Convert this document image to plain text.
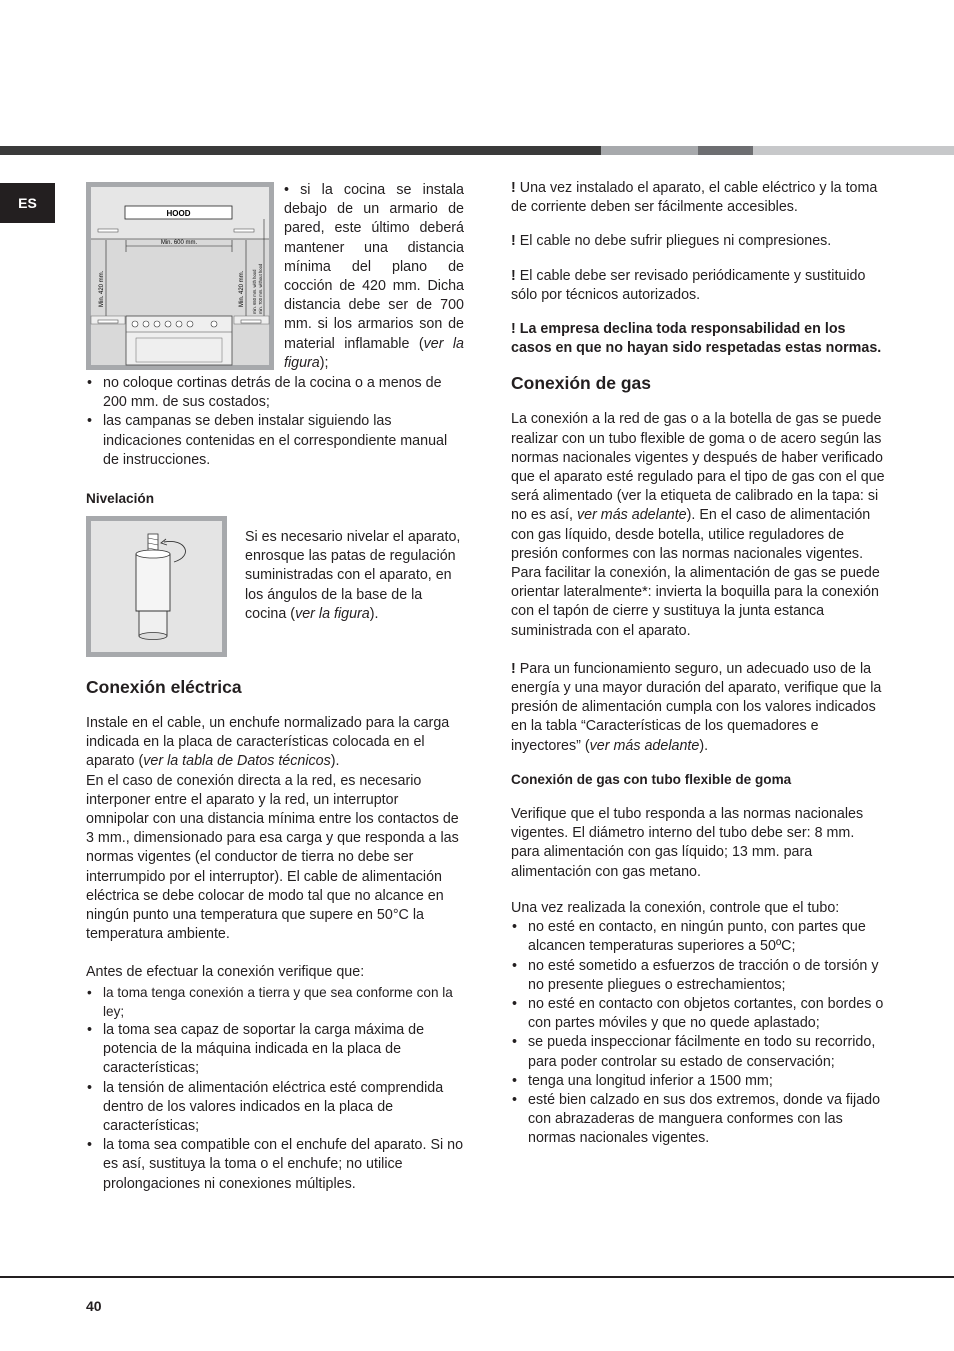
ES
HOOD
Min. 600 mm.
Min. 420 mm.	Min. 420 mm. min. 650 mm. with hood min. 700 mm. without hood
• si la cocina se instala debajo de un armario de pared, este último deberá mantener una distancia mínima del plano de cocción de 420 mm. Dicha distancia debe ser de 700 mm. si los armarios son de material inflamable (ver la figura);

• no coloque cortinas detrás de la cocina o a menos de 200 mm. de sus costados;

• las campanas se deben instalar siguiendo las indicaciones contenidas en el correspondiente manual de instrucciones.

Nivelación
Si es necesario nivelar el aparato, enrosque las patas de regulación suministradas con el aparato, en los ángulos de la base de la cocina (ver la figura).
Conexión eléctrica

Instale en el cable, un enchufe normalizado para la carga indicada en la placa de características colocada en el aparato (ver la tabla de Datos técnicos).

En el caso de conexión directa a la red, es necesario interponer entre el aparato y la red, un interruptor omnipolar con una distancia mínima entre los contactos de 3 mm., dimensionado para esa carga y que responda a las normas vigentes (el conductor de tierra no debe ser interrumpido por el interruptor). El cable de alimentación eléctrica se debe colocar de modo tal que no alcance en ningún punto una temperatura que supere en 50°C la temperatura ambiente.

Antes de efectuar la conexión verifique que:

• la toma tenga conexión a tierra y que sea conforme con la ley;

• la toma sea capaz de soportar la carga máxima de potencia de la máquina indicada en la placa de características;

• la tensión de alimentación eléctrica esté comprendida dentro de los valores indicados en la placa de características;

• la toma sea compatible con el enchufe del aparato. Si no es así, sustituya la toma o el enchufe; no utilice prolongaciones ni conexiones múltiples.

! Una vez instalado el aparato, el cable eléctrico y la toma de corriente deben ser fácilmente accesibles.

! El cable no debe sufrir pliegues ni compresiones.

! El cable debe ser revisado periódicamente y sustituido sólo por técnicos autorizados.

! La empresa declina toda responsabilidad en los casos en que no hayan sido respetadas estas normas.

Conexión de gas

La conexión a la red de gas o a la botella de gas se puede realizar con un tubo flexible de goma o de acero según las normas nacionales vigentes y después de haber verificado que el aparato esté regulado para el tipo de gas con el que será alimentado (ver la etiqueta de calibrado en la tapa: si no es así, ver más adelante). En el caso de alimentación con gas líquido, desde botella, utilice reguladores de presión conformes con las normas nacionales vigentes. Para facilitar la conexión, la alimentación de gas se puede orientar lateralmente*: invierta la boquilla para la conexión con el tapón de cierre y sustituya la junta estanca suministrada con el aparato.

! Para un funcionamiento seguro, un adecuado uso de la energía y una mayor duración del aparato, verifique que la presión de alimentación cumpla con los valores indicados en la tabla “Características de los quemadores e inyectores” (ver más adelante).

Conexión de gas con tubo flexible de goma

Verifique que el tubo responda a las normas nacionales vigentes. El diámetro interno del tubo debe ser: 8 mm. para alimentación con gas líquido; 13 mm. para alimentación con gas metano.

Una vez realizada la conexión, controle que el tubo:

• no esté en contacto, en ningún punto, con partes que alcancen temperaturas superiores a 50ºC;

• no esté sometido a esfuerzos de tracción o de torsión y no presente pliegues o estrechamientos;

• no esté en contacto con objetos cortantes, con bordes o con partes móviles y que no quede aplastado;

• se pueda inspeccionar fácilmente en todo su recorrido, para poder controlar su estado de conservación;

• tenga una longitud inferior a 1500 mm;

• esté bien calzado en sus dos extremos, donde va fijado con abrazaderas de manguera conformes con las normas nacionales vigentes.

40
